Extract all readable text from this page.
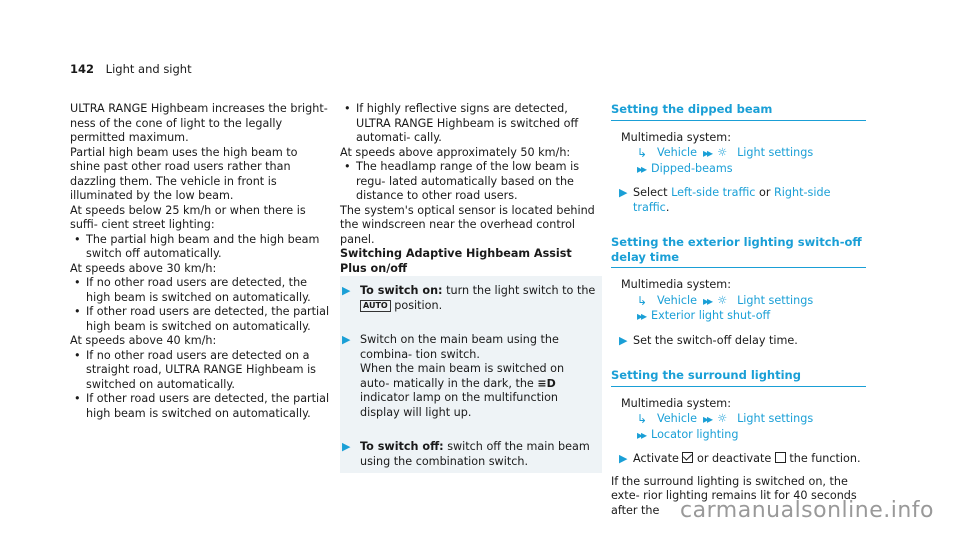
142 Light and sight

ULTRA RANGE Highbeam increases the bright- ness of the cone of light to the legally permitted maximum.

Partial high beam uses the high beam to shine past other road users rather than dazzling them. The vehicle in front is illuminated by the low beam.

At speeds below 25 km/h or when there is suffi- cient street lighting:

• The partial high beam and the high beam switch off automatically.

At speeds above 30 km/h:

• If no other road users are detected, the high beam is switched on automatically.
• If other road users are detected, the partial high beam is switched on automatically.

At speeds above 40 km/h:

• If no other road users are detected on a straight road, ULTRA RANGE Highbeam is switched on automatically.
• If other road users are detected, the partial high beam is switched on automatically.
• If highly reflective signs are detected, ULTRA RANGE Highbeam is switched off automati- cally.

At speeds above approximately 50 km/h:

• The headlamp range of the low beam is regu- lated automatically based on the distance to other road users.

The system's optical sensor is located behind the windscreen near the overhead control panel.

Switching Adaptive Highbeam Assist Plus on/off

▶ To switch on: turn the light switch to the
AUTO position.
▶ Switch on the main beam using the combina- tion switch.
When the main beam is switched on auto- matically in the dark, the ≡D indicator lamp on the multifunction display will light up.
▶ To switch off: switch off the main beam using the combination switch.
Setting the dipped beam
Multimedia system:
↳ Vehicle ▸▸ ☼ Light settings
▸▸ Dipped-beams
▶ Select Left-side traffic or Right-side traffic.
Setting the exterior lighting switch-off delay time
Multimedia system:
↳ Vehicle ▸▸ ☼ Light settings
▸▸ Exterior light shut-off
▶ Set the switch-off delay time.
Setting the surround lighting
Multimedia system:
↳ Vehicle ▸▸ ☼ Light settings
▸▸ Locator lighting
▶ Activate or deactivate the function.

If the surround lighting is switched on, the exte- rior lighting remains lit for 40 seconds after the carmanualsonline.info
